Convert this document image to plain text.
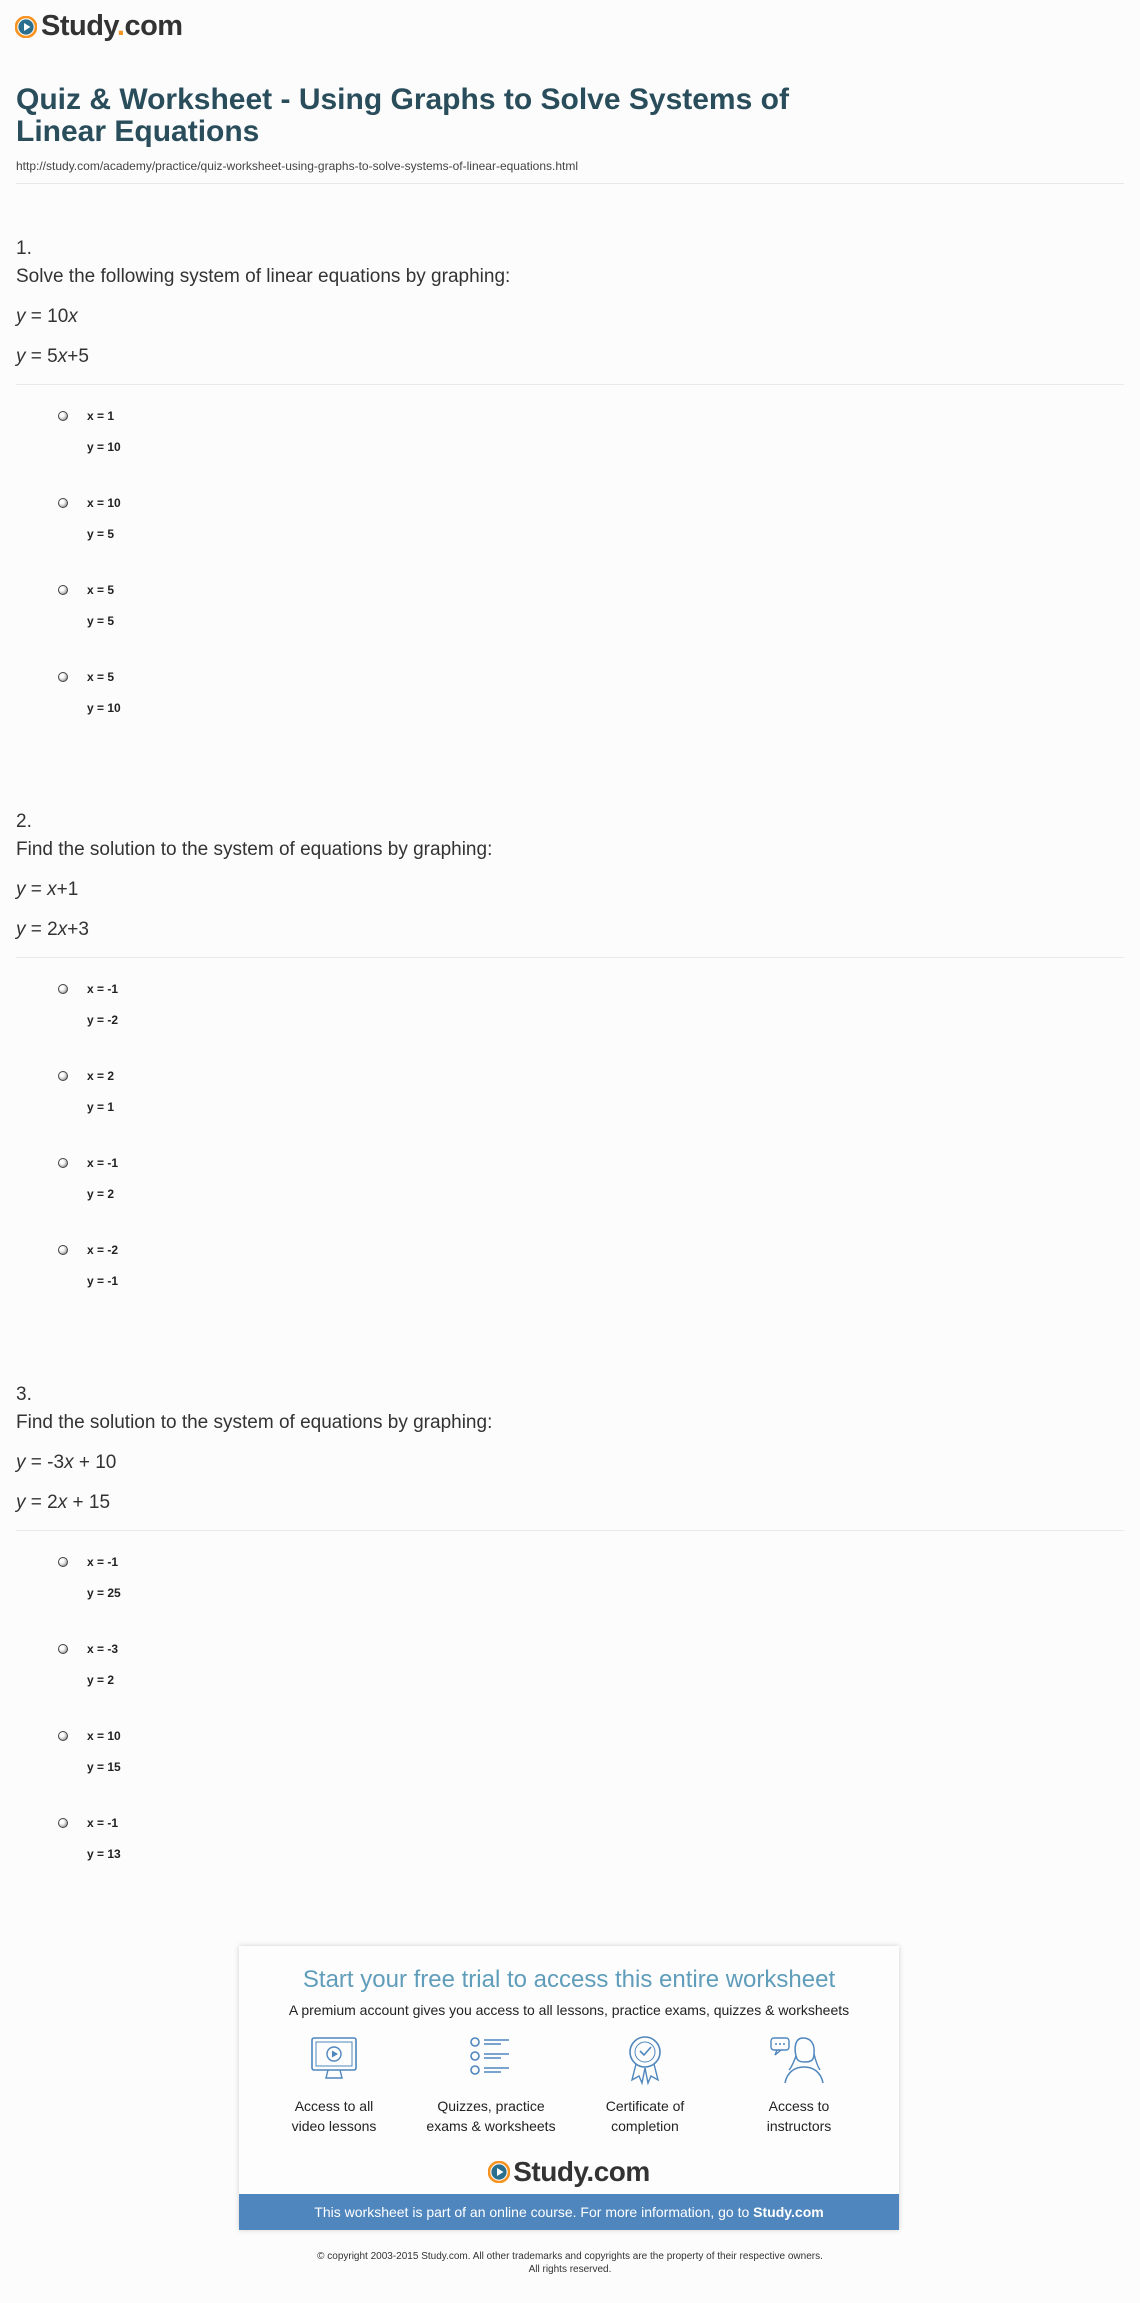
Study.com
Quiz & Worksheet - Using Graphs to Solve Systems of
Linear Equations
http://study.com/academy/practice/quiz-worksheet-using-graphs-to-solve-systems-of-linear-equations.html
1.
Solve the following system of linear equations by graphing:
y = 10x
y = 5x+5
x = 1
y = 10
x = 10
y = 5
x = 5
y = 5
x = 5
y = 10
2.
Find the solution to the system of equations by graphing:
y = x+1
y = 2x+3
x = -1
y = -2
x = 2
y = 1
x = -1
y = 2
x = -2
y = -1
3.
Find the solution to the system of equations by graphing:
y = -3x + 10
y = 2x + 15
x = -1
y = 25
x = -3
y = 2
x = 10
y = 15
x = -1
y = 13
Start your free trial to access this entire worksheet
A premium account gives you access to all lessons, practice exams, quizzes & worksheets
Access to all
video lessons
Quizzes, practice
exams & worksheets
Certificate of
completion
Access to
instructors
Study.com
This worksheet is part of an online course. For more information, go to Study.com
© copyright 2003-2015 Study.com. All other trademarks and copyrights are the property of their respective owners.
All rights reserved.
